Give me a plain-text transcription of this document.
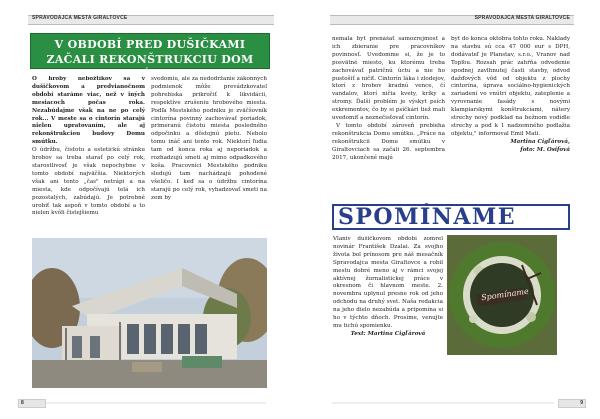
SPRAVODAJCA MESTA GIRALTOVCE
V OBDOBÍ PRED DUŠIČKAMI ZAČALI REKONŠTRUKCIU DOM SMÚTKU

O hroby nebožtíkov sa v dušičkovom a predvianočnom období staráme viac, než v iných mesiacoch počas roka. Nezabúdajme však na ne po celý rok... V meste sa o cintorín starajú nielen upratovaním, ale aj rekonštrukciou budovy Domu smútku.

O údržbu, čistotu a estetickú stránku hrobov sa treba starať po celý rok, starostlivosť je však nepochybne v tomto období najväčšia. Niektorých však ani tento „čas" netrápi a na miesta, kde odpočívajú telá ich pozostalých, zabúdajú. Je potrebné urobiť tak aspoň v tomto období a to nielen kvôli čistejšiemu

svedomiu, ale za nedodržanie zákonných podmienok môže prevádzkovateľ pohrebiska prikročiť k likvidácii, respektíve zrušeniu hrobového miesta. Podľa Mestského podniku je zväčšovník cintorína povinný zachovávať poriadok, primeranú čistotu miesta posledného odpočinku a dôstojnú pietu. Nebolo tomu ináč ani tento rok. Niektorí ľudia tam od konca roka aj neporiadok a rozhadzujú smeti aj mimo odpadkového koša. Pracovníci Mestského podniku sledujú tam nachádzajú pohodené všeličo. I keď sa o údržbu cintorína starajú po celý rok, vyhadzovať smeti na zem by

8
SPRAVODAJCA MESTA GIRALTOVCE

nemala byť prenášať samozrejmosť a ich zbieranie pre pracovníkov povinnosť. Uvedomme si, že je to posvätné miesto, ku ktorému treba zachovávať patričnú úctu a nie ho pustošiť a ničiť. Cintorín láka i zlodejov, ktorí z hrobov kradnú vence, čí vandalov, ktorí ničia kvety, kríky a stromy. Ďalší problém je výskyt psích exkrementov, čo by si psíčkári tiež mali uvedomiť a neznečisťovať cintorín.

V tomto období zároveň prebieha rekonštrukcia Domu smútku. „Práce na rekonštrukcii Domu smútku v Giraltovciach sa začali 26. septembra 2017, ukončené majú

byť do konca októbra tohto roku. Náklady na stavbu sú cca 47 000 eur s DPH, dodávateľ je Planstav, s.r.o., Vranov nad Topľou. Rozsah prác zahŕňa odvedenie spodnej zavlhnutej časti stavby, odvod dažďových vôd od objektu z plochy cintorína, úprava sociálno-hygienických zariadení vo vnútri objektu, zateplenie a vyrovnanie fasády s novými klampiarskymi konštrukciami, nátery strechy nový podklad na bežnom vodídle strechy a pod k 1 nadzemného podlažia objektu," informoval Emil Mati.

Martina Cigľárová,

foto: M. Osifová

SPOMÍNAME

Vlaniv dušičkovom období zomrel novinár František Dzalai. Za svojho života bol prínosom pre náš mesačník Spravodajca mesta Giraltovce a robil mestu dobré meno aj v rámci svojej aktívnej žurnalistickej práce v okresnom či hlavnom meste. 2. novembra uplynul presne rok od jeho odchodu na druhý svet. Naša redakcia na jeho dielo nezabúda a pripomína si ho v týchto dňoch. Prosíme, venujte mu tichú spomienku.

Text: Martina Cigľárová

Spomíname
9
